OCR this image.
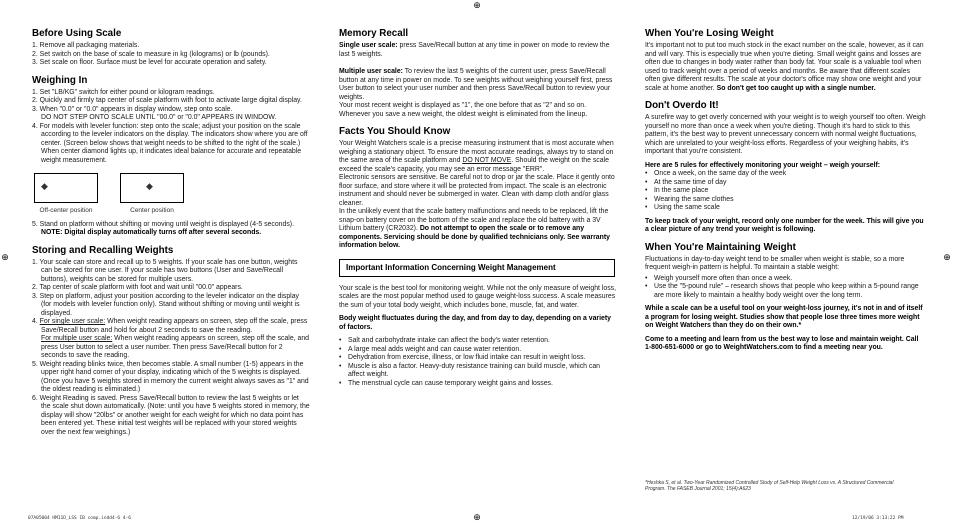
⊕
⊕
⊕	⊕
Before Using Scale
1. Remove all packaging materials.
2. Set switch on the base of scale to measure in kg (kilograms) or lb (pounds).
3. Set scale on floor. Surface must be level for accurate operation and safety.
Weighing In
1. Set "LB/KG" switch for either pound or kilogram readings.
2. Quickly and firmly tap center of scale platform with foot to activate large digital display.
3. When "0.0" or "0.0" appears in display window, step onto scale.
DO NOT STEP ONTO SCALE UNTIL "00.0" or "0.0" APPEARS IN WINDOW.
4. For models with leveler function: step onto the scale; adjust your position on the scale according to the leveler indicators on the display. The indicators show where you are off center. (Screen below shows that weight needs to be shifted to the right of the scale.) When center diamond lights up, it indicates ideal balance for accurate and repeatable weight measurement.
◆
Off-center position
◆
Center position
5. Stand on platform without shifting or moving until weight is displayed (4-5 seconds).
NOTE: Digital display automatically turns off after several seconds.
Storing and Recalling Weights
1. Your scale can store and recall up to 5 weights. If your scale has one button, weights can be stored for one user. If your scale has two buttons (User and Save/Recall buttons), weights can be stored for multiple users.
2. Tap center of scale platform with foot and wait until "00.0" appears.
3. Step on platform, adjust your position according to the leveler indicator on the display (for models with leveler function only). Stand without shifting or moving until weight is displayed.
4. For single user scale: When weight reading appears on screen, step off the scale, press Save/Recall button and hold for about 2 seconds to save the reading.
For multiple user scale: When weight reading appears on screen, step off the scale, and press User button to select a user number. Then press Save/Recall button for 2 seconds to save the reading.
5. Weight reading blinks twice, then becomes stable. A small number (1-5) appears in the upper right hand corner of your display, indicating which of the 5 weights is displayed. (Once you have 5 weights stored in memory the current weight always saves as "1" and the oldest reading is eliminated.)
6. Weight Reading is saved. Press Save/Recall button to review the last 5 weights or let the scale shut down automatically. (Note: until you have 5 weights stored in memory, the display will show "20lbs" or another weight for each weight for which no data point has been entered yet. These initial test weights will be replaced with your stored weights over the next few weighings.)
Memory Recall

Single user scale: press Save/Recall button at any time in power on mode to review the last 5 weights.

Multiple user scale: To review the last 5 weights of the current user, press Save/Recall button at any time in power on mode. To see weights without weighing yourself first, press User button to select your user number and then press Save/Recall button to review your weights.

Your most recent weight is displayed as "1", the one before that as "2" and so on. Whenever you save a new weight, the oldest weight is eliminated from the lineup.

Facts You Should Know

Your Weight Watchers scale is a precise measuring instrument that is most accurate when weighing a stationary object. To ensure the most accurate readings, always try to stand on the same area of the scale platform and DO NOT MOVE. Should the weight on the scale exceed the scale's capacity, you may see an error message "ERR".

Electronic sensors are sensitive. Be careful not to drop or jar the scale. Place it gently onto floor surface, and store where it will be protected from impact. The scale is an electronic instrument and should never be submerged in water. Clean with damp cloth and/or glass cleaner.

In the unlikely event that the scale battery malfunctions and needs to be replaced, lift the snap-on battery cover on the bottom of the scale and replace the old battery with a 3V Lithium battery (CR2032). Do not attempt to open the scale or to remove any components. Servicing should be done by qualified technicians only. See warranty information below.

Important Information Concerning Weight Management

Your scale is the best tool for monitoring weight. While not the only measure of weight loss, scales are the most popular method used to gauge weight-loss success. A scale measures the sum of your total body weight, which includes bone, muscle, fat, and water.

Body weight fluctuates during the day, and from day to day, depending on a variety of factors.

• Salt and carbohydrate intake can affect the body's water retention.
• A large meal adds weight and can cause water retention.
• Dehydration from exercise, illness, or low fluid intake can result in weight loss.
• Muscle is also a factor. Heavy-duty resistance training can build muscle, which can affect weight.
• The menstrual cycle can cause temporary weight gains and losses.
When You're Losing Weight

It's important not to put too much stock in the exact number on the scale, however, as it can and will vary. This is especially true when you're dieting. Small weight gains and losses are often due to changes in body water rather than body fat. Your scale is a valuable tool when used to track weight over a period of weeks and months. Be aware that different scales often give different results. The scale at your doctor's office may show one weight and your scale at home another. So don't get too caught up with a single number.

Don't Overdo It!

A surefire way to get overly concerned with your weight is to weigh yourself too often. Weigh yourself no more than once a week when you're dieting. Though it's hard to stick to this pattern, it's the best way to prevent unnecessary concern with normal weight fluctuations, which are unrelated to your weight-loss efforts. Regardless of your weighing habits, it's important that you're consistent.

Here are 5 rules for effectively monitoring your weight – weigh yourself:

• Once a week, on the same day of the week
• At the same time of day
• In the same place
• Wearing the same clothes
• Using the same scale

To keep track of your weight, record only one number for the week. This will give you a clear picture of any trend your weight is following.

When You're Maintaining Weight

Fluctuations in day-to-day weight tend to be smaller when weight is stable, so a more frequent weigh-in pattern is helpful. To maintain a stable weight:

• Weigh yourself more often than once a week.
• Use the "5-pound rule" – research shows that people who keep within a 5-pound range are more likely to maintain a healthy body weight over the long term.

While a scale can be a useful tool on your weight-loss journey, it's not in and of itself a program for losing weight. Studies show that people lose three times more weight on Weight Watchers than they do on their own.*

Come to a meeting and learn from us the best way to lose and maintain weight. Call 1-800-651-6000 or go to WeightWatchers.com to find a meeting near you.

*Heshka S, et al. Two-Year Randomized Controlled Study of Self-Help Weight Loss vs. A Structured Commercial Program. The FASEB Journal 2001; 15(4):A623
07A05004 HM11D_LSS IB comp.indd4-6 4-6	12/19/06 3:13:22 PM
